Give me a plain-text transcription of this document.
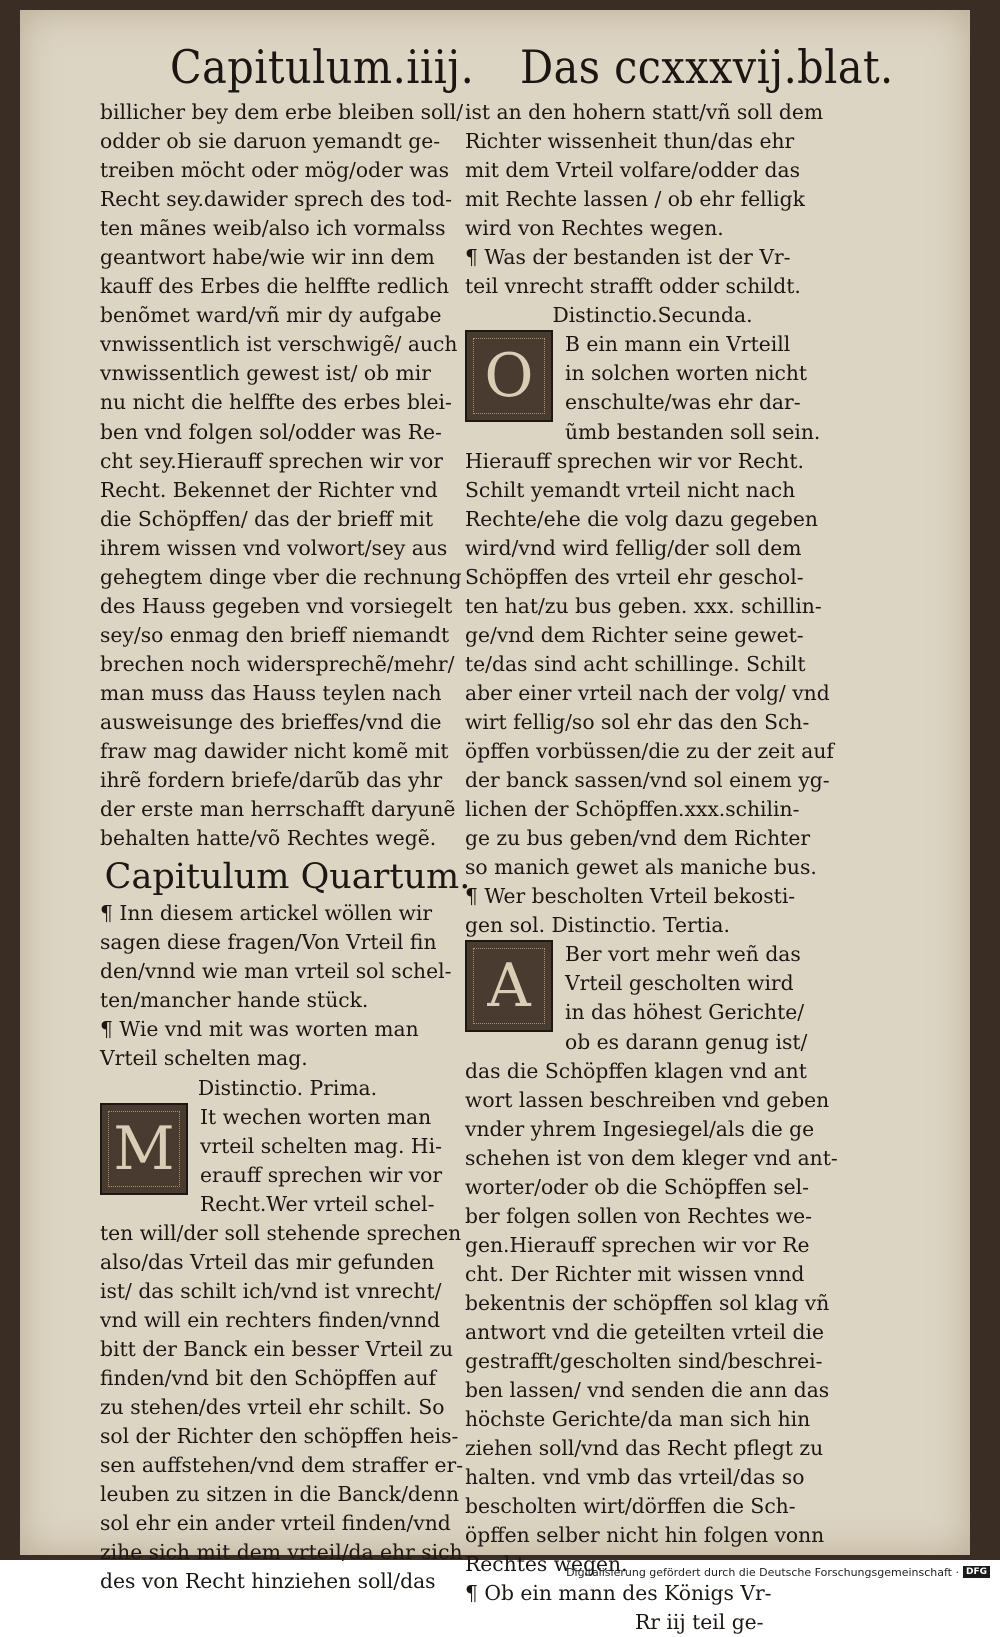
Capitulum.iiij. Das ccxxxvij.blat.
billicher bey dem erbe bleiben soll/
odder ob sie daruon yemandt ge-
treiben möcht oder mög/oder was
Recht sey.dawider sprech des tod-
ten mãnes weib/also ich vormalss
geantwort habe/wie wir inn dem
kauff des Erbes die helffte redlich
benõmet ward/vñ mir dy aufgabe
vnwissentlich ist verschwigẽ/ auch
vnwissentlich gewest ist/ ob mir
nu nicht die helffte des erbes blei-
ben vnd folgen sol/odder was Re-
cht sey.Hierauff sprechen wir vor
Recht. Bekennet der Richter vnd
die Schöpffen/ das der brieff mit
ihrem wissen vnd volwort/sey aus
gehegtem dinge vber die rechnung
des Hauss gegeben vnd vorsiegelt
sey/so enmag den brieff niemandt
brechen noch widersprechẽ/mehr/
man muss das Hauss teylen nach
ausweisunge des brieffes/vnd die
fraw mag dawider nicht komẽ mit
ihrẽ fordern briefe/darũb das yhr
der erste man herrschafft daryunẽ
behalten hatte/võ Rechtes wegẽ.
Capitulum Quartum.
¶ Inn diesem artickel wöllen wir
sagen diese fragen/Von Vrteil fin
den/vnnd wie man vrteil sol schel-
ten/mancher hande stück.
¶ Wie vnd mit was worten man
Vrteil schelten mag.
Distinctio. Prima.
M	It wechen worten man
vrteil schelten mag. Hi-
erauff sprechen wir vor
Recht.Wer vrteil schel-
ten will/der soll stehende sprechen
also/das Vrteil das mir gefunden
ist/ das schilt ich/vnd ist vnrecht/
vnd will ein rechters finden/vnnd
bitt der Banck ein besser Vrteil zu
finden/vnd bit den Schöpffen auf
zu stehen/des vrteil ehr schilt. So
sol der Richter den schöpffen heis-
sen auffstehen/vnd dem straffer er-
leuben zu sitzen in die Banck/denn
sol ehr ein ander vrteil finden/vnd
zihe sich mit dem vrteil/da ehr sich
des von Recht hinziehen soll/das
ist an den hohern statt/vñ soll dem
Richter wissenheit thun/das ehr
mit dem Vrteil volfare/odder das
mit Rechte lassen / ob ehr felligk
wird von Rechtes wegen.
¶ Was der bestanden ist der Vr-
teil vnrecht strafft odder schildt.
Distinctio.Secunda.
O	B ein mann ein Vrteill
in solchen worten nicht
enschulte/was ehr dar-
ũmb bestanden soll sein.
Hierauff sprechen wir vor Recht.
Schilt yemandt vrteil nicht nach
Rechte/ehe die volg dazu gegeben
wird/vnd wird fellig/der soll dem
Schöpffen des vrteil ehr geschol-
ten hat/zu bus geben. xxx. schillin-
ge/vnd dem Richter seine gewet-
te/das sind acht schillinge. Schilt
aber einer vrteil nach der volg/ vnd
wirt fellig/so sol ehr das den Sch-
öpffen vorbüssen/die zu der zeit auf
der banck sassen/vnd sol einem yg-
lichen der Schöpffen.xxx.schilin-
ge zu bus geben/vnd dem Richter
so manich gewet als maniche bus.
¶ Wer bescholten Vrteil bekosti-
gen sol. Distinctio. Tertia.
A	Ber vort mehr weñ das
Vrteil gescholten wird
in das höhest Gerichte/
ob es darann genug ist/
das die Schöpffen klagen vnd ant
wort lassen beschreiben vnd geben
vnder yhrem Ingesiegel/als die ge
schehen ist von dem kleger vnd ant-
worter/oder ob die Schöpffen sel-
ber folgen sollen von Rechtes we-
gen.Hierauff sprechen wir vor Re
cht. Der Richter mit wissen vnnd
bekentnis der schöpffen sol klag vñ
antwort vnd die geteilten vrteil die
gestrafft/gescholten sind/beschrei-
ben lassen/ vnd senden die ann das
höchste Gerichte/da man sich hin
ziehen soll/vnd das Recht pflegt zu
halten. vnd vmb das vrteil/das so
bescholten wirt/dörffen die Sch-
öpffen selber nicht hin folgen vonn
Rechtes wegen.
¶ Ob ein mann des Königs Vr-
Rr iij teil ge-
Digitalisierung gefördert durch die Deutsche Forschungsgemeinschaft · DFG
